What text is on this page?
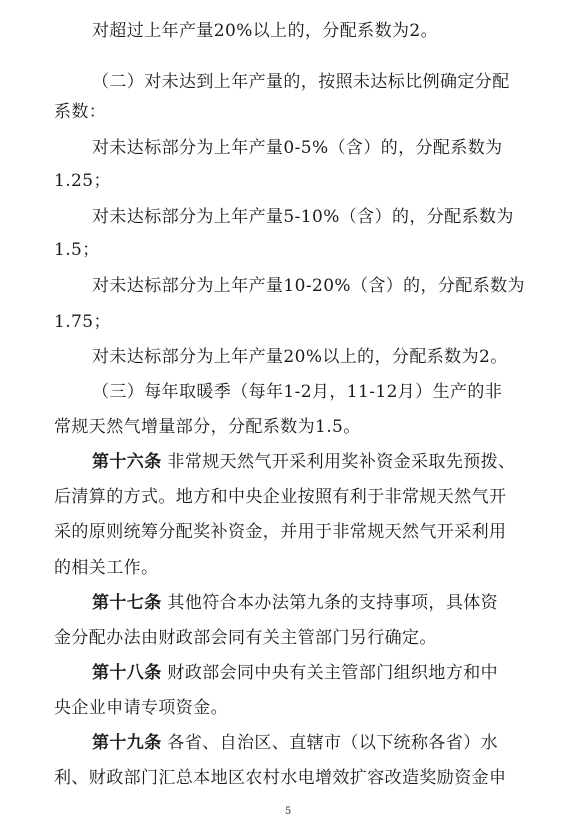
对超过上年产量20%以上的，分配系数为2。
（二）对未达到上年产量的，按照未达标比例确定分配
系数：
对未达标部分为上年产量0-5%（含）的，分配系数为
1.25；
对未达标部分为上年产量5-10%（含）的，分配系数为
1.5；
对未达标部分为上年产量10-20%（含）的，分配系数为
1.75；
对未达标部分为上年产量20%以上的，分配系数为2。
（三）每年取暖季（每年1-2月，11-12月）生产的非
常规天然气增量部分，分配系数为1.5。
第十六条 非常规天然气开采利用奖补资金采取先预拨、
后清算的方式。地方和中央企业按照有利于非常规天然气开
采的原则统筹分配奖补资金，并用于非常规天然气开采利用
的相关工作。
第十七条 其他符合本办法第九条的支持事项，具体资
金分配办法由财政部会同有关主管部门另行确定。
第十八条 财政部会同中央有关主管部门组织地方和中
央企业申请专项资金。
第十九条 各省、自治区、直辖市（以下统称各省）水
利、财政部门汇总本地区农村水电增效扩容改造奖励资金申
5
